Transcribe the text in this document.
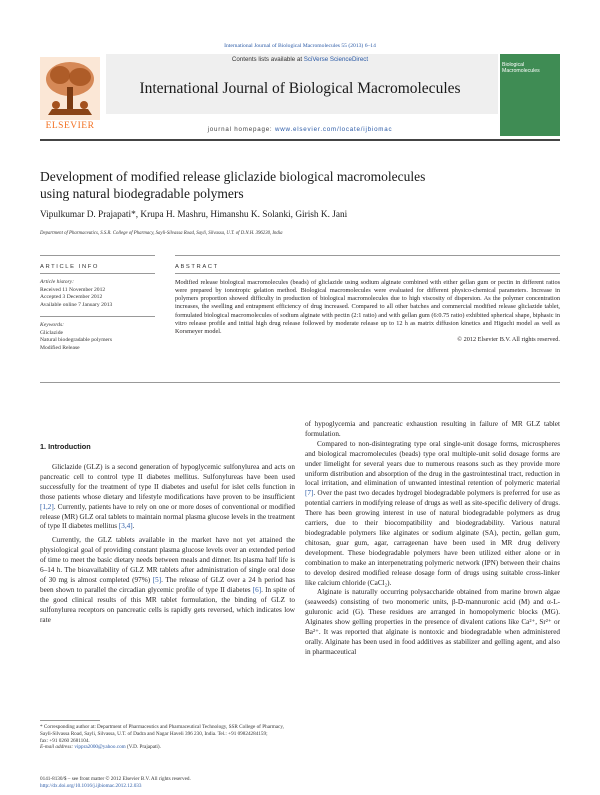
International Journal of Biological Macromolecules 55 (2013) 6–14
Contents lists available at SciVerse ScienceDirect
International Journal of Biological Macromolecules
ELSEVIER
Biological
Macromolecules
journal homepage: www.elsevier.com/locate/ijbiomac
Development of modified release gliclazide biological macromolecules
using natural biodegradable polymers
Vipulkumar D. Prajapati*, Krupa H. Mashru, Himanshu K. Solanki, Girish K. Jani
Department of Pharmaceutics, S.S.R. College of Pharmacy, Sayli-Silvassa Road, Sayli, Silvassa, U.T. of D.N.H. 396230, India
ARTICLE INFO
Article history:
Received 11 November 2012
Accepted 3 December 2012
Available online 7 January 2013
Keywords:
Gliclazide
Natural biodegradable polymers
Modified Release
ABSTRACT
Modified release biological macromolecules (beads) of gliclazide using sodium alginate combined with either gellan gum or pectin in different ratios were prepared by ionotropic gelation method. Biological macromolecules were evaluated for different physico-chemical parameters. Increase in polymers proportion showed difficulty in production of biological macromolecules due to high viscosity of dispersion. As the polymer concentration increases, the swelling and entrapment efficiency of drug increased. Compared to all other batches and commercial modified release gliclazide tablet, formulated biological macromolecules of sodium alginate with pectin (2:1 ratio) and with gellan gum (6:0.75 ratio) exhibited spherical shape, biphasic in vitro release profile and initial high drug release followed by moderate release up to 12 h as matrix diffusion kinetics and Higuchi model as well as Korsmeyer model.
© 2012 Elsevier B.V. All rights reserved.
1. Introduction

Gliclazide (GLZ) is a second generation of hypoglycemic sulfonylurea and acts on pancreatic cell to control type II diabetes mellitus. Sulfonylureas have been used successfully for the treatment of type II diabetes and useful for islet cells function in those patients whose dietary and lifestyle modifications have proven to be insufficient [1,2]. Currently, patients have to rely on one or more doses of conventional or modified release (MR) GLZ oral tablets to maintain normal plasma glucose levels in the treatment of type II diabetes mellitus [3,4].

Currently, the GLZ tablets available in the market have not yet attained the physiological goal of providing constant plasma glucose levels over an extended period of time to meet the basic dietary needs between meals and dinner. Its plasma half life is 6–14 h. The bioavailability of GLZ MR tablets after administration of single oral dose of 30 mg is almost completed (97%) [5]. The release of GLZ over a 24 h period has been shown to parallel the circadian glycemic profile of type II diabetes [6]. In spite of the good clinical results of this MR tablet formulation, the binding of GLZ to sulfonylurea receptors on pancreatic cells is rapidly gets reversed, which indicates low rate

of hypoglycemia and pancreatic exhaustion resulting in failure of MR GLZ tablet formulation.

Compared to non-disintegrating type oral single-unit dosage forms, microspheres and biological macromolecules (beads) type oral multiple-unit solid dosage forms are under limelight for several years due to numerous reasons such as they provide more uniform distribution and absorption of the drug in the gastrointestinal tract, reduction in local irritation, and elimination of unwanted intestinal retention of polymeric material [7]. Over the past two decades hydrogel biodegradable polymers is preferred for use as potential carriers in modifying release of drugs as well as site-specific delivery of drugs. There has been growing interest in use of natural biodegradable polymers as drug carriers, due to their biocompatibility and biodegradability. Various natural biodegradable polymers like alginates or sodium alginate (SA), pectin, gellan gum, chitosan, guar gum, agar, carrageenan have been used in MR drug delivery development. These biodegradable polymers have been utilized either alone or in combination to make an interpenetrating polymeric network (IPN) between their chains to develop desired modified release dosage form of drugs using suitable cross-linker like calcium chloride (CaCl₂).

Alginate is naturally occurring polysaccharide obtained from marine brown algae (seaweeds) consisting of two monomeric units, β-D-mannuronic acid (M) and α-L-guluronic acid (G). These residues are arranged in homopolymeric blocks (MG). Alginates show gelling properties in the presence of divalent cations like Ca²⁺, Sr²⁺ or Ba²⁺. It was reported that alginate is nontoxic and biodegradable when administered orally. Alginate has been used in food additives as stabilizer and gelling agent, and also in pharmaceutical

* Corresponding author at: Department of Pharmaceutics and Pharmaceutical Technology, SSR College of Pharmacy, Sayli-Silvassa Road, Sayli, Silvassa, U.T. of Dadra and Nagar Haveli 396 230, India. Tel.: +91 09824284159;
fax: +91 0260 2681104.
E-mail address: vippra2000@yahoo.com (V.D. Prajapati).
0141-8130/$ – see front matter © 2012 Elsevier B.V. All rights reserved.
http://dx.doi.org/10.1016/j.ijbiomac.2012.12.033
